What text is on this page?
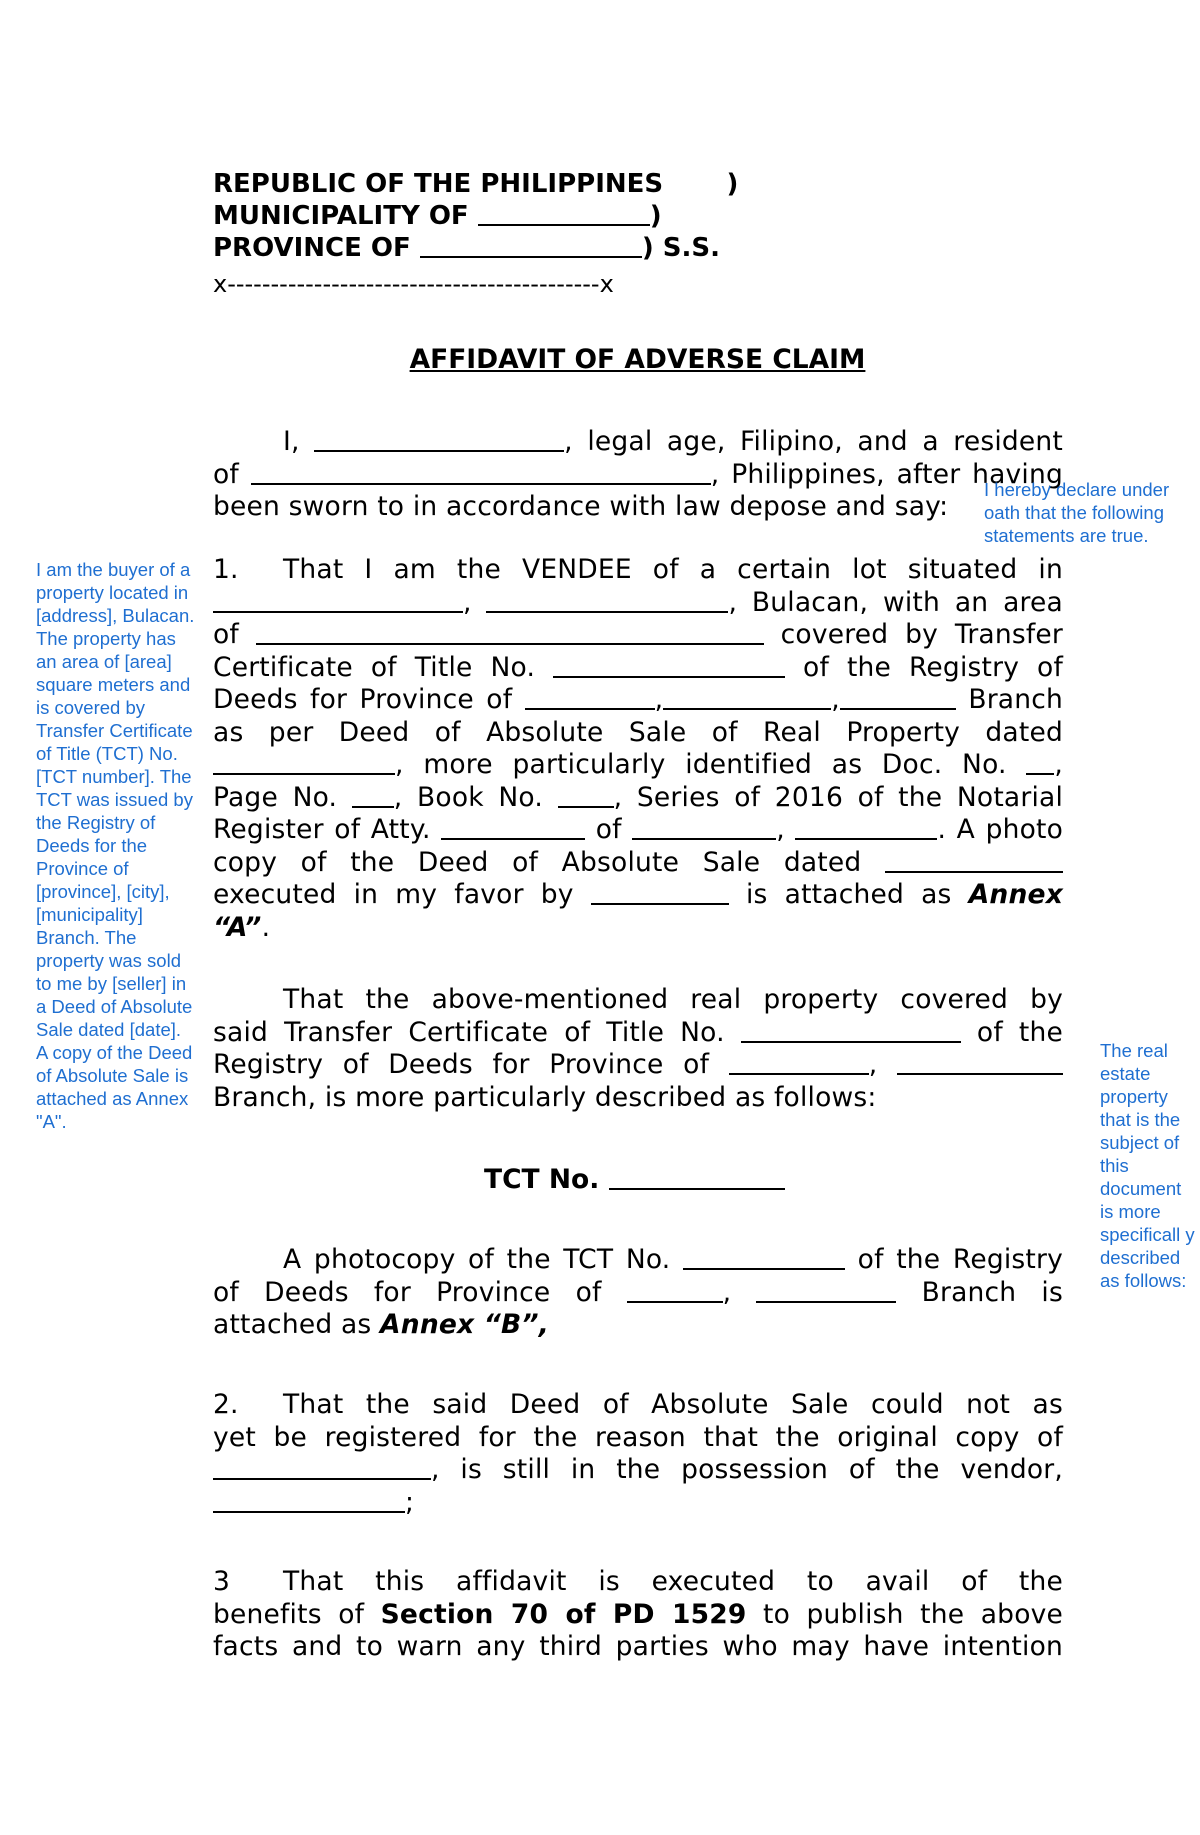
REPUBLIC OF THE PHILIPPINES       )
MUNICIPALITY OF	)
PROVINCE OF	) S.S.
x-------------------------------------------x
AFFIDAVIT OF ADVERSE CLAIM
I,	, legal age, Filipino, and a resident
of	, Philippines, after having
been sworn to in accordance with law depose and say:
1. That I am the VENDEE of a certain lot situated in
,	, Bulacan, with an area
of	covered by Transfer
Certificate of Title No.	of the Registry of
Deeds for Province of	,	,	Branch
as per Deed of Absolute Sale of Real Property dated
, more particularly identified as Doc. No. ,
Page No. , Book No.	, Series of 2016 of the Notarial
Register of Atty.	of	,	. A photo
copy of the Deed of Absolute Sale dated
executed in my favor by	is attached as Annex
“A”.
That the above-mentioned real property covered by
said Transfer Certificate of Title No.	of the
Registry of Deeds for Province of	,
Branch, is more particularly described as follows:
TCT No.
A photocopy of the TCT No.	of the Registry
of Deeds for Province of	,	Branch is
attached as Annex “B”,
2. That the said Deed of Absolute Sale could not as
yet be registered for the reason that the original copy of
, is still in the possession of the vendor,
;
3 That this affidavit is executed to avail of the
benefits of Section 70 of PD 1529 to publish the above
facts and to warn any third parties who may have intention
I am the buyer of a property located in [address], Bulacan. The property has an area of [area] square meters and is covered by Transfer Certificate of Title (TCT) No. [TCT number]. The TCT was issued by the Registry of Deeds for the Province of [province], [city], [municipality] Branch. The property was sold to me by [seller] in a Deed of Absolute Sale dated [date]. A copy of the Deed of Absolute Sale is attached as Annex "A".
I hereby declare under oath that the following statements are true.
The real estate property that is the subject of this document is more specificall y described as follows:
